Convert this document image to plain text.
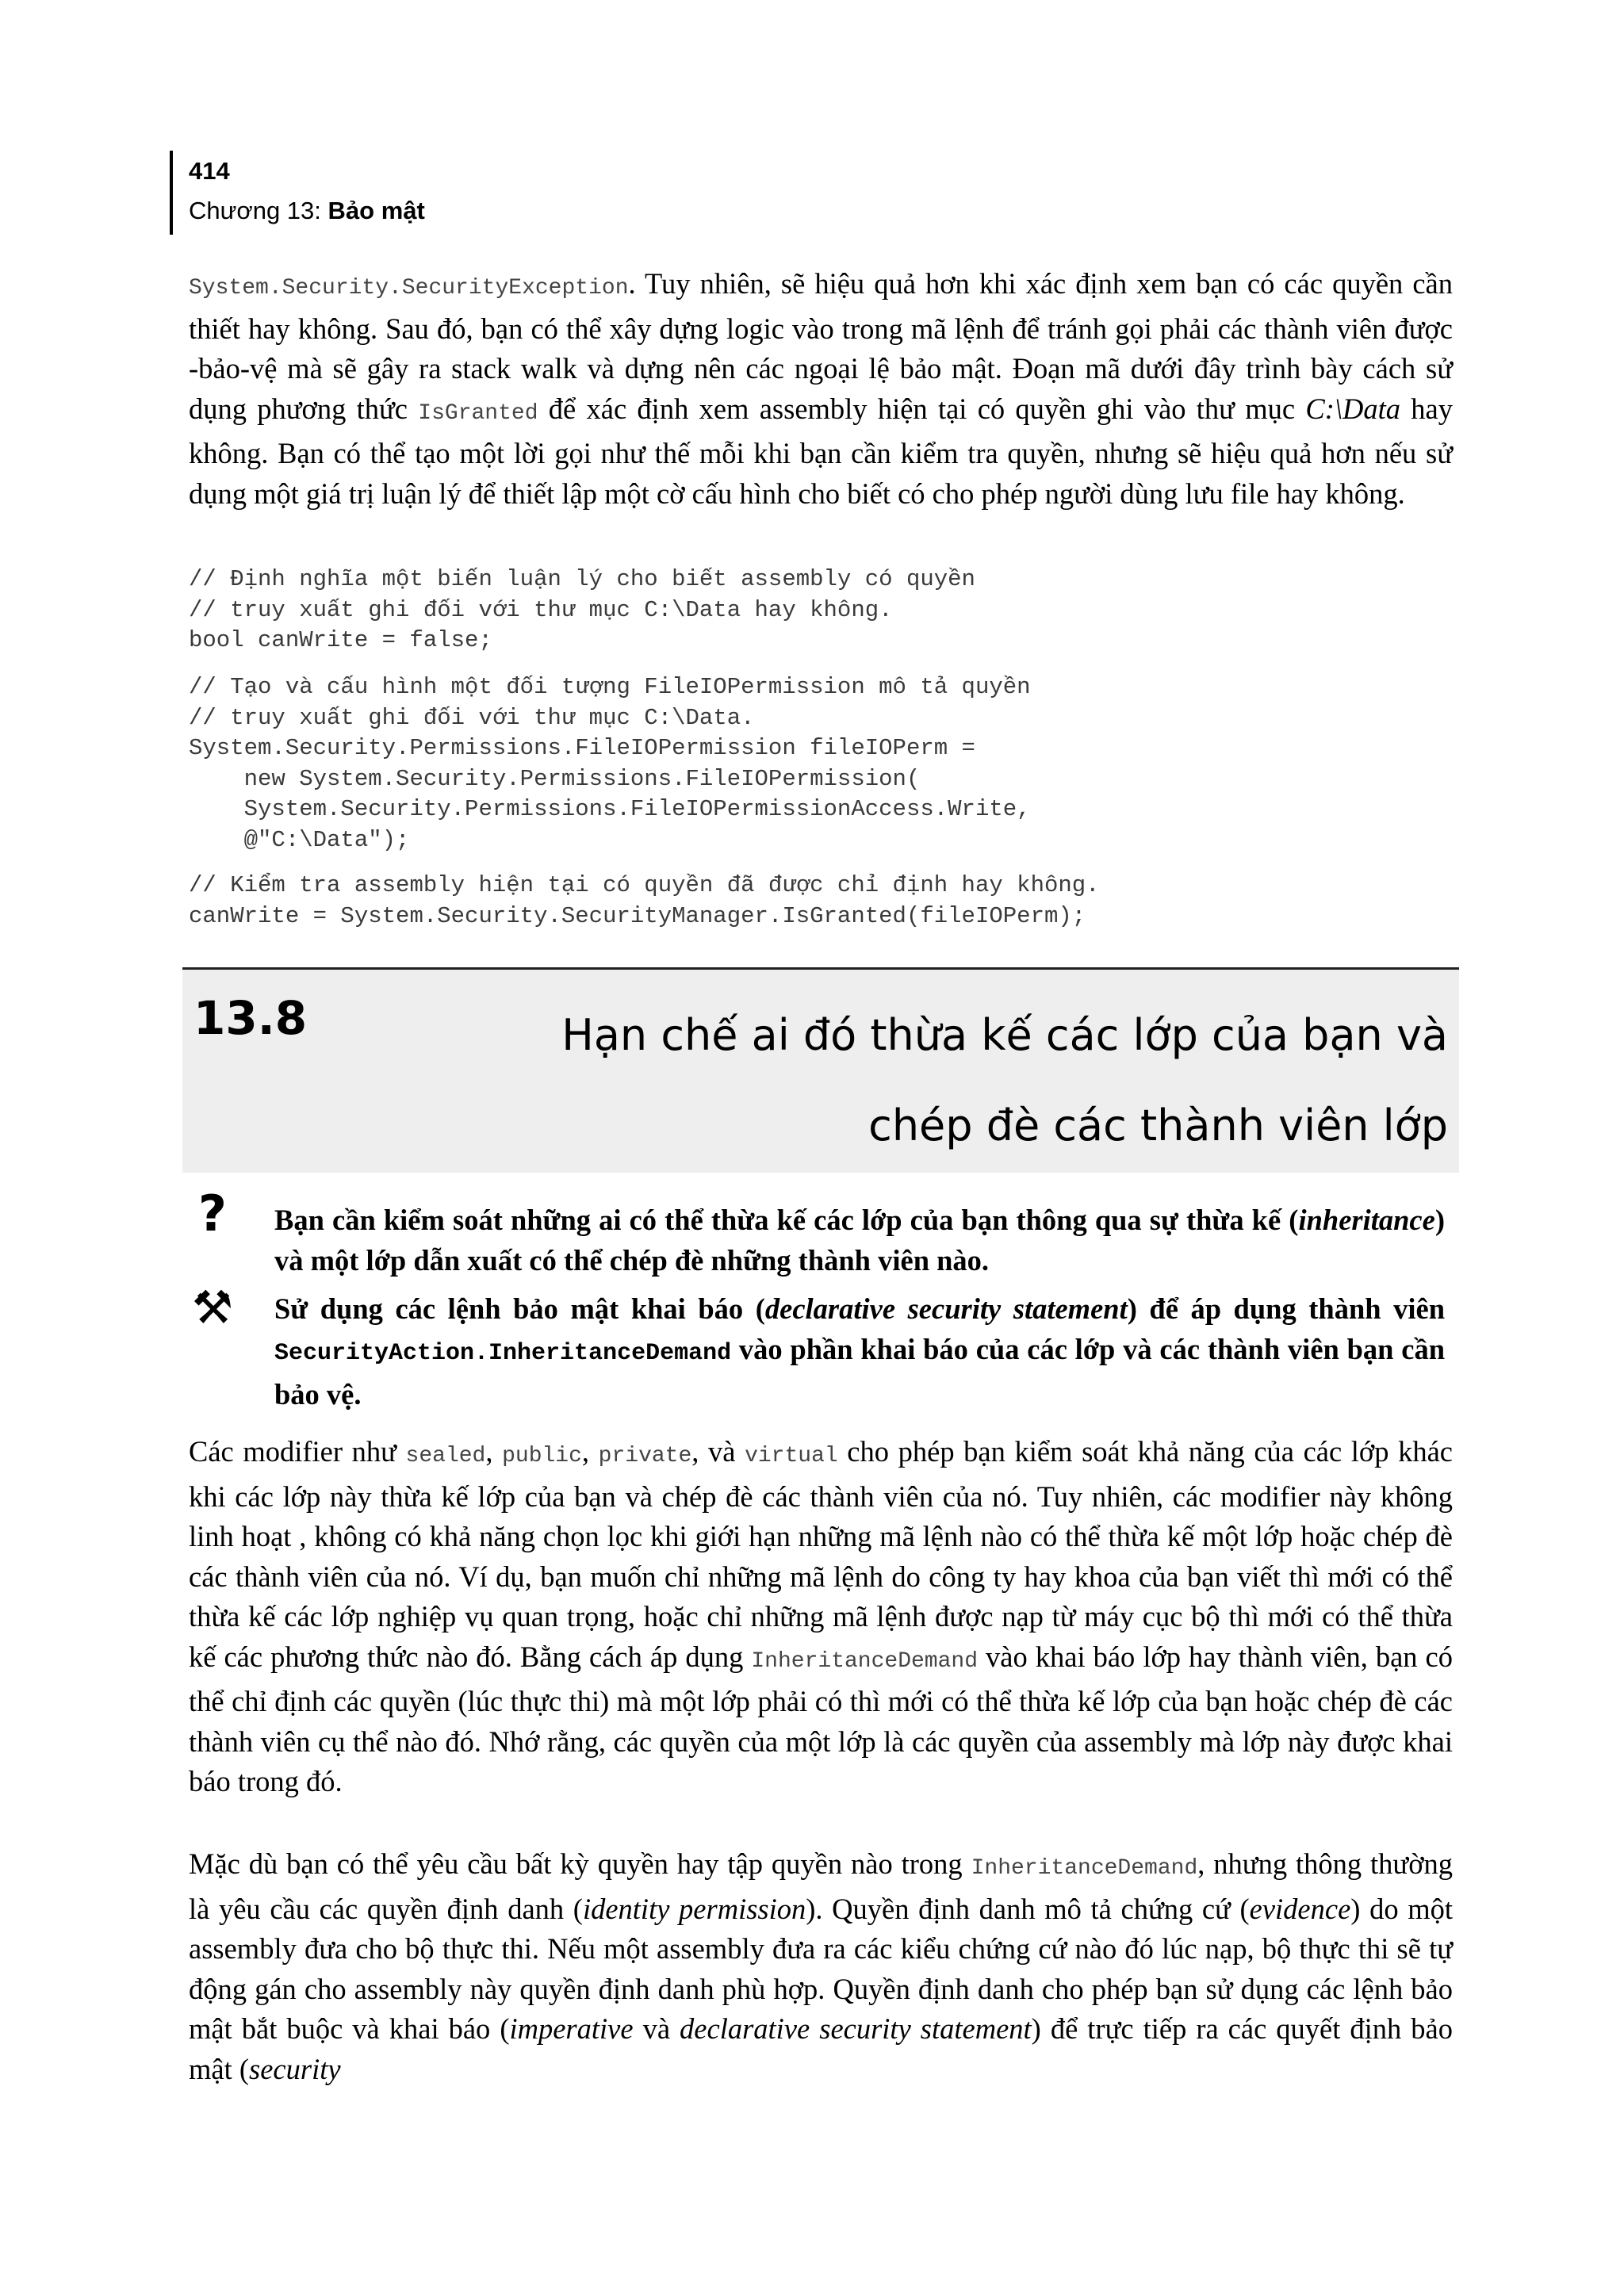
414
Chương 13: Bảo mật

System.Security.SecurityException. Tuy nhiên, sẽ hiệu quả hơn khi xác định xem bạn có các quyền cần thiết hay không. Sau đó, bạn có thể xây dựng logic vào trong mã lệnh để tránh gọi phải các thành viên được -bảo-vệ mà sẽ gây ra stack walk và dựng nên các ngoại lệ bảo mật. Đoạn mã dưới đây trình bày cách sử dụng phương thức IsGranted để xác định xem assembly hiện tại có quyền ghi vào thư mục C:\Data hay không. Bạn có thể tạo một lời gọi như thế mỗi khi bạn cần kiểm tra quyền, nhưng sẽ hiệu quả hơn nếu sử dụng một giá trị luận lý để thiết lập một cờ cấu hình cho biết có cho phép người dùng lưu file hay không.

// Định nghĩa một biến luận lý cho biết assembly có quyền
// truy xuất ghi đối với thư mục C:\Data hay không.
bool canWrite = false;
// Tạo và cấu hình một đối tượng FileIOPermission mô tả quyền
// truy xuất ghi đối với thư mục C:\Data.
System.Security.Permissions.FileIOPermission fileIOPerm =
new System.Security.Permissions.FileIOPermission(
System.Security.Permissions.FileIOPermissionAccess.Write,
@"C:\Data");
// Kiểm tra assembly hiện tại có quyền đã được chỉ định hay không.
canWrite = System.Security.SecurityManager.IsGranted(fileIOPerm);
13.8	Hạn chế ai đó thừa kế các lớp của bạn và chép đè các thành viên lớp
? Bạn cần kiểm soát những ai có thể thừa kế các lớp của bạn thông qua sự thừa kế (inheritance) và một lớp dẫn xuất có thể chép đè những thành viên nào.

⚒ Sử dụng các lệnh bảo mật khai báo (declarative security statement) để áp dụng thành viên SecurityAction.InheritanceDemand vào phần khai báo của các lớp và các thành viên bạn cần bảo vệ.

Các modifier như sealed, public, private, và virtual cho phép bạn kiểm soát khả năng của các lớp khác khi các lớp này thừa kế lớp của bạn và chép đè các thành viên của nó. Tuy nhiên, các modifier này không linh hoạt , không có khả năng chọn lọc khi giới hạn những mã lệnh nào có thể thừa kế một lớp hoặc chép đè các thành viên của nó. Ví dụ, bạn muốn chỉ những mã lệnh do công ty hay khoa của bạn viết thì mới có thể thừa kế các lớp nghiệp vụ quan trọng, hoặc chỉ những mã lệnh được nạp từ máy cục bộ thì mới có thể thừa kế các phương thức nào đó. Bằng cách áp dụng InheritanceDemand vào khai báo lớp hay thành viên, bạn có thể chỉ định các quyền (lúc thực thi) mà một lớp phải có thì mới có thể thừa kế lớp của bạn hoặc chép đè các thành viên cụ thể nào đó. Nhớ rằng, các quyền của một lớp là các quyền của assembly mà lớp này được khai báo trong đó.

Mặc dù bạn có thể yêu cầu bất kỳ quyền hay tập quyền nào trong InheritanceDemand, nhưng thông thường là yêu cầu các quyền định danh (identity permission). Quyền định danh mô tả chứng cứ (evidence) do một assembly đưa cho bộ thực thi. Nếu một assembly đưa ra các kiểu chứng cứ nào đó lúc nạp, bộ thực thi sẽ tự động gán cho assembly này quyền định danh phù hợp. Quyền định danh cho phép bạn sử dụng các lệnh bảo mật bắt buộc và khai báo (imperative và declarative security statement) để trực tiếp ra các quyết định bảo mật (security
